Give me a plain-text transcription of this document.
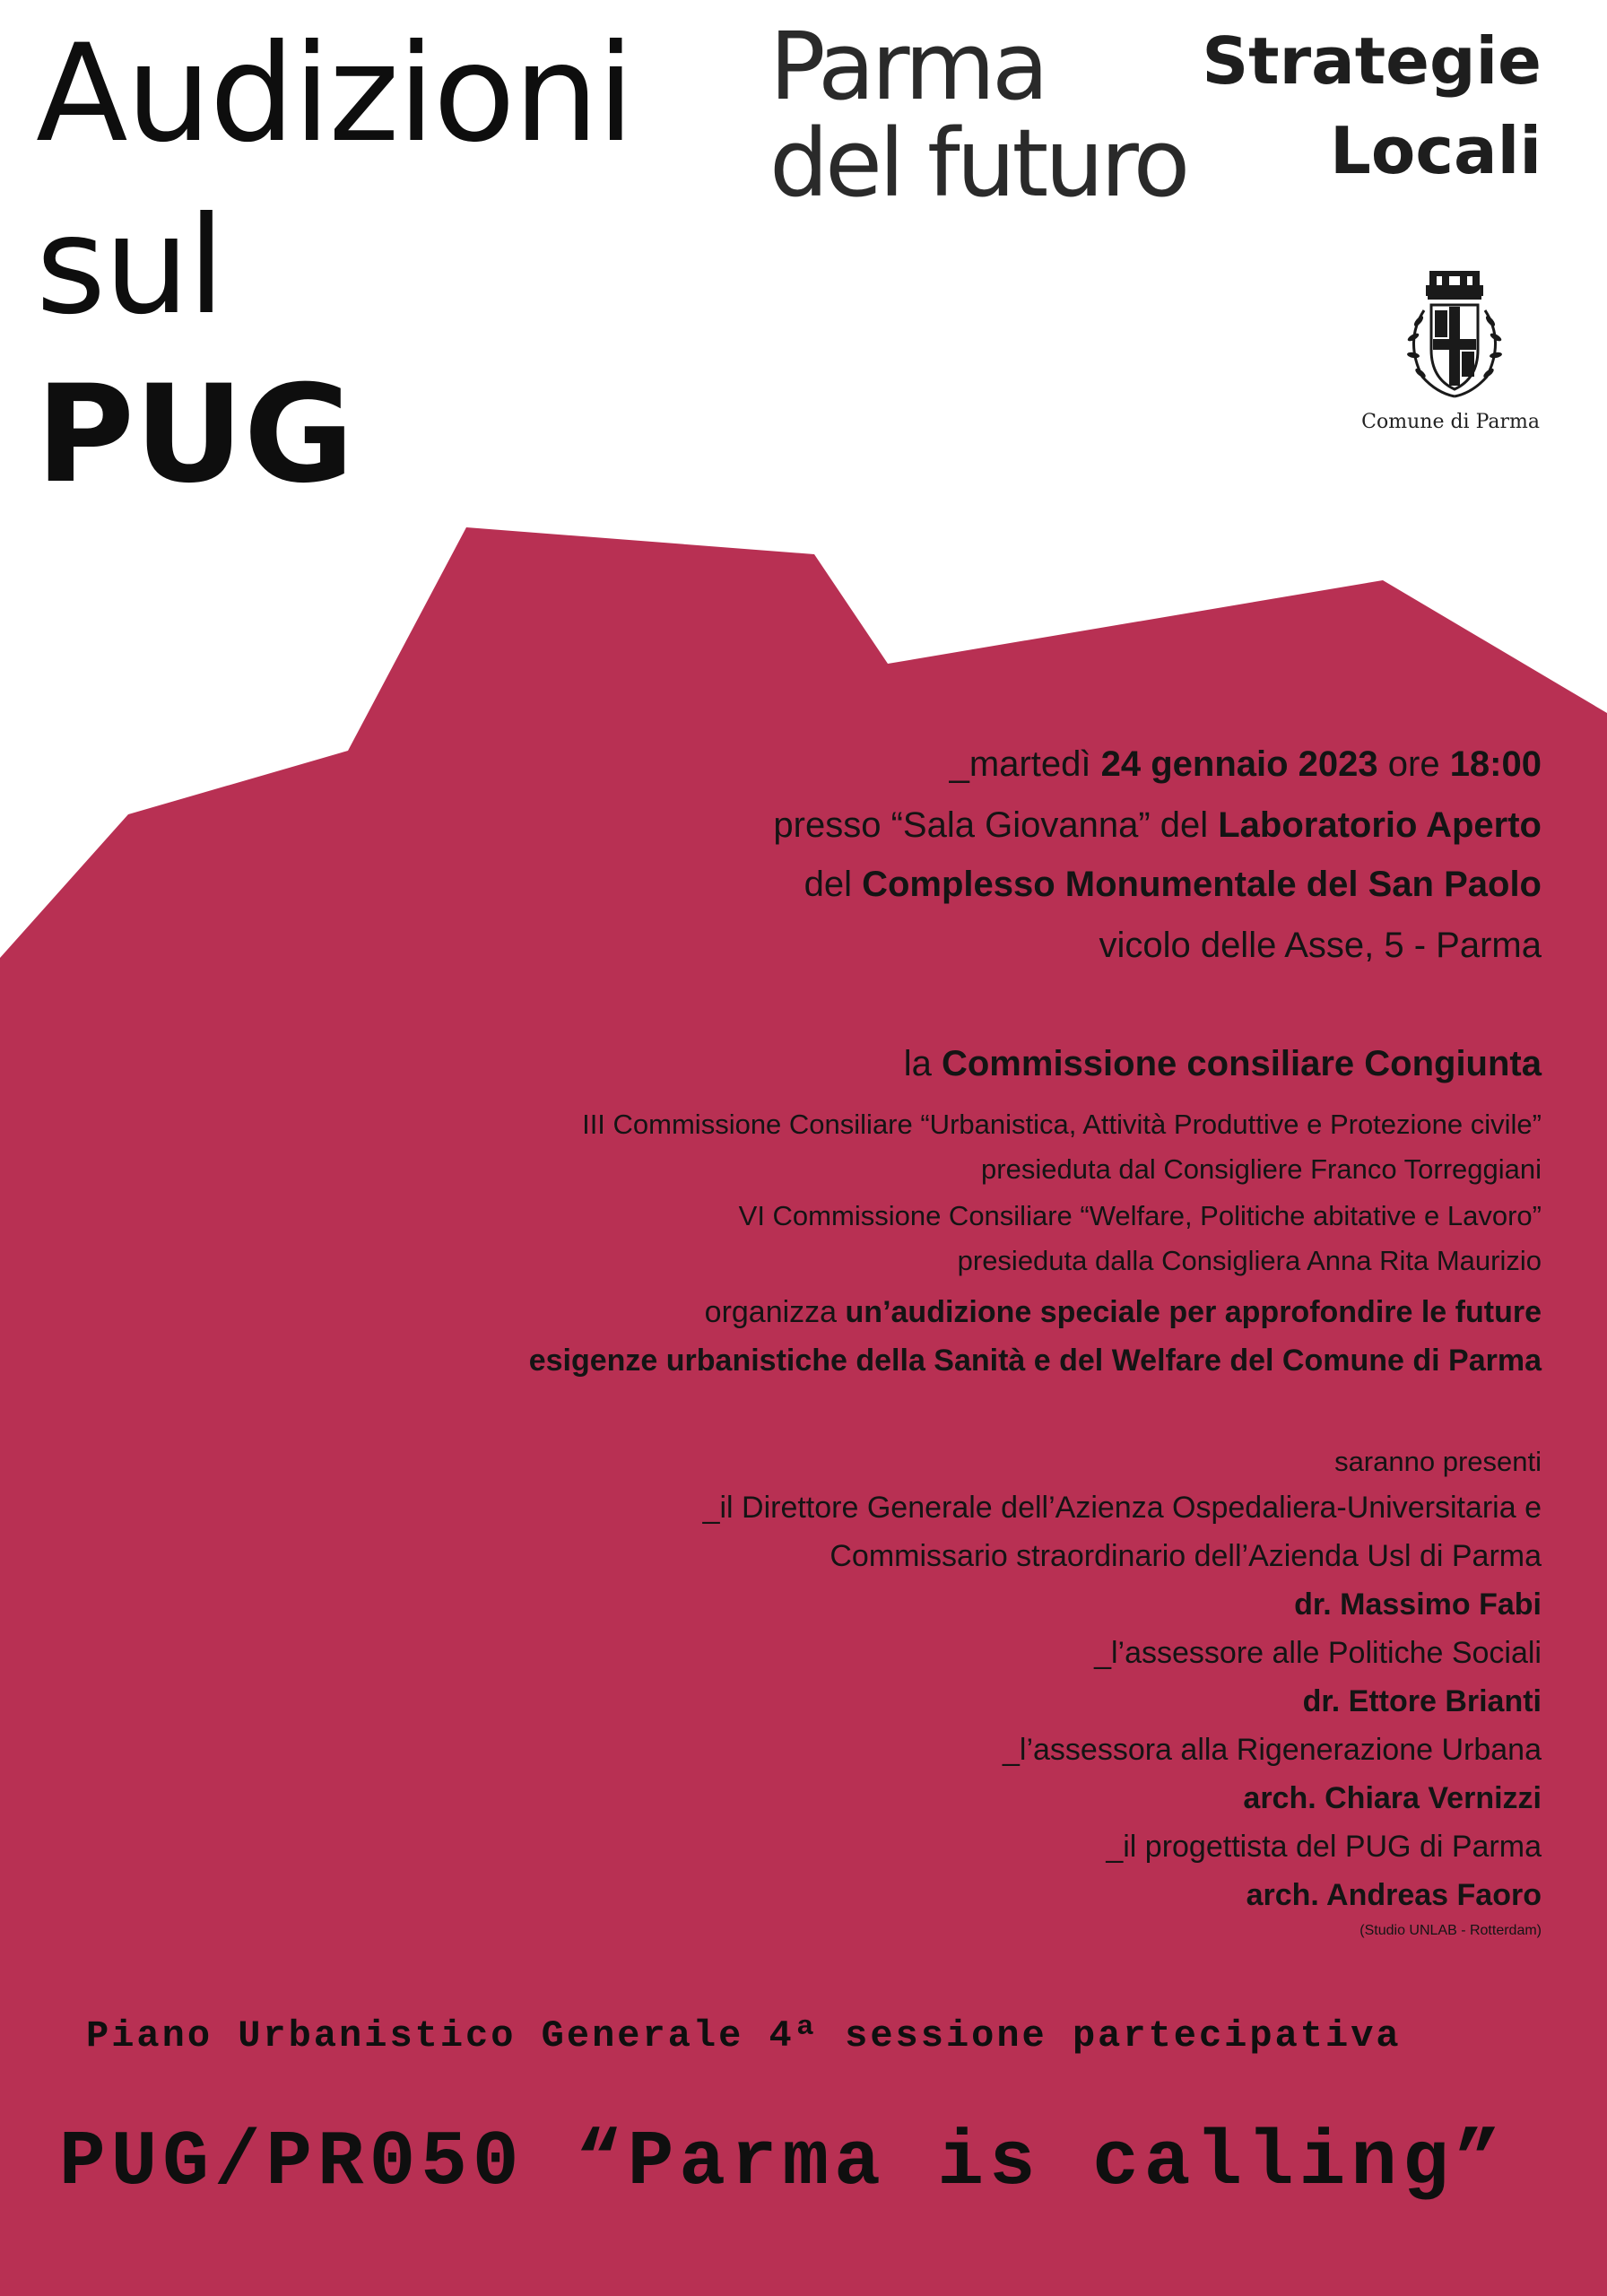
Audizioni
sul
PUG
Parma
del futuro
Strategie
Locali
Comune di Parma
_martedì 24 gennaio 2023 ore 18:00
presso “Sala Giovanna” del Laboratorio Aperto
del Complesso Monumentale del San Paolo
vicolo delle Asse, 5 - Parma
la Commissione consiliare Congiunta
III Commissione Consiliare “Urbanistica, Attività Produttive e Protezione civile”
presieduta dal Consigliere Franco Torreggiani
VI Commissione Consiliare “Welfare, Politiche abitative e Lavoro”
presieduta dalla Consigliera Anna Rita Maurizio
organizza un’audizione speciale per approfondire le future
esigenze urbanistiche della Sanità e del Welfare del Comune di Parma
saranno presenti
_il Direttore Generale dell’Azienza Ospedaliera-Universitaria e
Commissario straordinario dell’Azienda Usl di Parma
dr. Massimo Fabi
_l’assessore alle Politiche Sociali
dr. Ettore Brianti
_l’assessora alla Rigenerazione Urbana
arch. Chiara Vernizzi
_il progettista del PUG di Parma
arch. Andreas Faoro
(Studio UNLAB - Rotterdam)
Piano Urbanistico Generale 4ª sessione partecipativa
PUG/PR050 “Parma is calling”
